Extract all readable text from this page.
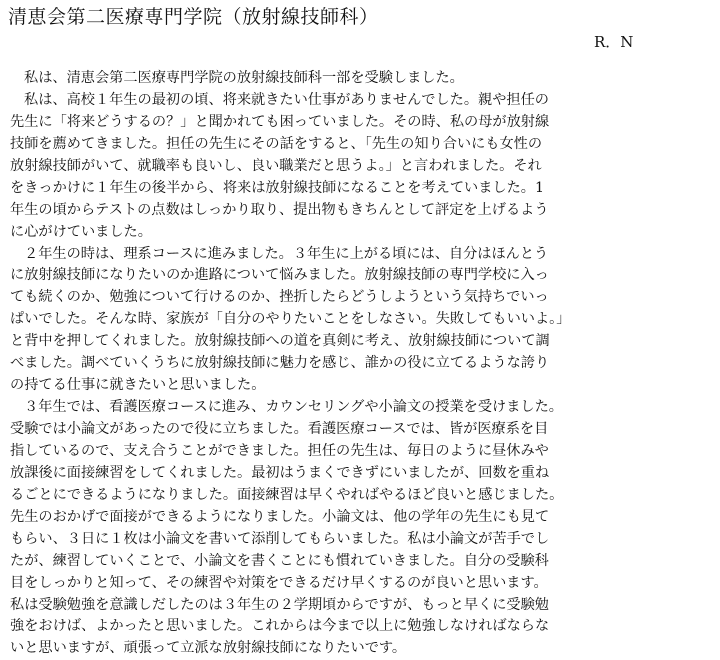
清恵会第二医療専門学院（放射線技師科）
R．N
私は、清恵会第二医療専門学院の放射線技師科一部を受験しました。
私は、高校１年生の最初の頃、将来就きたい仕事がありませんでした。親や担任の
先生に「将来どうするの？」と聞かれても困っていました。その時、私の母が放射線
技師を薦めてきました。担任の先生にその話をすると、「先生の知り合いにも女性の
放射線技師がいて、就職率も良いし、良い職業だと思うよ。」と言われました。それ
をきっかけに１年生の後半から、将来は放射線技師になることを考えていました。1
年生の頃からテストの点数はしっかり取り、提出物もきちんとして評定を上げるよう
に心がけていました。
２年生の時は、理系コースに進みました。３年生に上がる頃には、自分はほんとう
に放射線技師になりたいのか進路について悩みました。放射線技師の専門学校に入っ
ても続くのか、勉強について行けるのか、挫折したらどうしようという気持ちでいっ
ぱいでした。そんな時、家族が「自分のやりたいことをしなさい。失敗してもいいよ。」
と背中を押してくれました。放射線技師への道を真剣に考え、放射線技師について調
べました。調べていくうちに放射線技師に魅力を感じ、誰かの役に立てるような誇り
の持てる仕事に就きたいと思いました。
３年生では、看護医療コースに進み、カウンセリングや小論文の授業を受けました。
受験では小論文があったので役に立ちました。看護医療コースでは、皆が医療系を目
指しているので、支え合うことができました。担任の先生は、毎日のように昼休みや
放課後に面接練習をしてくれました。最初はうまくできずにいましたが、回数を重ね
るごとにできるようになりました。面接練習は早くやればやるほど良いと感じました。
先生のおかげで面接ができるようになりました。小論文は、他の学年の先生にも見て
もらい、３日に１枚は小論文を書いて添削してもらいました。私は小論文が苦手でし
たが、練習していくことで、小論文を書くことにも慣れていきました。自分の受験科
目をしっかりと知って、その練習や対策をできるだけ早くするのが良いと思います。
私は受験勉強を意識しだしたのは３年生の２学期頃からですが、もっと早くに受験勉
強をおけば、よかったと思いました。これからは今まで以上に勉強しなければならな
いと思いますが、頑張って立派な放射線技師になりたいです。
